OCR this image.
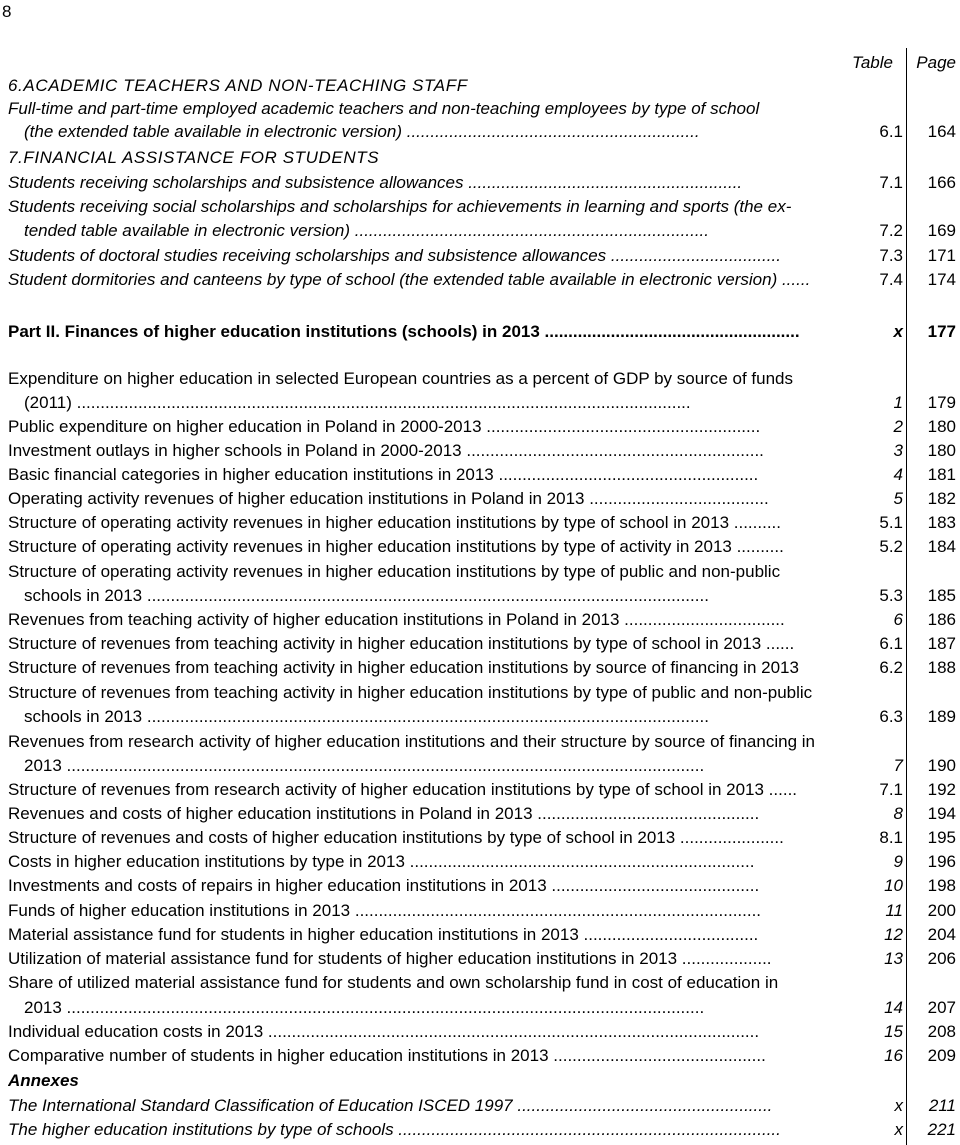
8
Table Page
6.ACADEMIC TEACHERS AND NON-TEACHING STAFF
Full-time and part-time employed academic teachers and non-teaching employees by type of school
(the extended table available in electronic version) ..............................................................	6.1 164
7.FINANCIAL ASSISTANCE FOR STUDENTS
Students receiving scholarships and subsistence allowances ..........................................................	7.1 166
Students receiving social scholarships and scholarships for achievements in learning and sports (the ex-
tended table available in electronic version) ...........................................................................	7.2 169
Students of doctoral studies receiving scholarships and subsistence allowances ....................................	7.3 171
Student dormitories and canteens by type of school (the extended table available in electronic version) ......	7.4 174
Part II. Finances of higher education institutions (schools) in 2013 ......................................................	x 177
Expenditure on higher education in selected European countries as a percent of GDP by source of funds
(2011) ..................................................................................................................................	1 179
Public expenditure on higher education in Poland in 2000-2013 ..........................................................	2 180
Investment outlays in higher schools in Poland in 2000-2013 ...............................................................	3 180
Basic financial categories in higher education institutions in 2013 .......................................................	4 181
Operating activity revenues of higher education institutions in Poland in 2013 ......................................	5 182
Structure of operating activity revenues in higher education institutions by type of school in 2013 ..........	5.1 183
Structure of operating activity revenues in higher education institutions by type of activity in 2013 ..........	5.2 184
Structure of operating activity revenues in higher education institutions by type of public and non-public
schools in 2013 .......................................................................................................................	5.3 185
Revenues from teaching activity of higher education institutions in Poland in 2013 ..................................	6 186
Structure of revenues from teaching activity in higher education institutions by type of school in 2013 ......	6.1 187
Structure of revenues from teaching activity in higher education institutions by source of financing in 2013	6.2 188
Structure of revenues from teaching activity in higher education institutions by type of public and non-public
schools in 2013 .......................................................................................................................	6.3 189
Revenues from research activity of higher education institutions and their structure by source of financing in
2013 .......................................................................................................................................	7 190
Structure of revenues from research activity of higher education institutions by type of school in 2013 ......	7.1 192
Revenues and costs of higher education institutions in Poland in 2013 ...............................................	8 194
Structure of revenues and costs of higher education institutions by type of school in 2013 ......................	8.1 195
Costs in higher education institutions by type in 2013 .........................................................................	9 196
Investments and costs of repairs in higher education institutions in 2013 ............................................	10 198
Funds of higher education institutions in 2013 ......................................................................................	11 200
Material assistance fund for students in higher education institutions in 2013 .....................................	12 204
Utilization of material assistance fund for students of higher education institutions in 2013 ...................	13 206
Share of utilized material assistance fund for students and own scholarship fund in cost of education in
2013 .......................................................................................................................................	14 207
Individual education costs in 2013 ........................................................................................................	15 208
Comparative number of students in higher education institutions in 2013 .............................................	16 209
Annexes
The International Standard Classification of Education ISCED 1997 ......................................................	x 211
The higher education institutions by type of schools .................................................................................	x 221
